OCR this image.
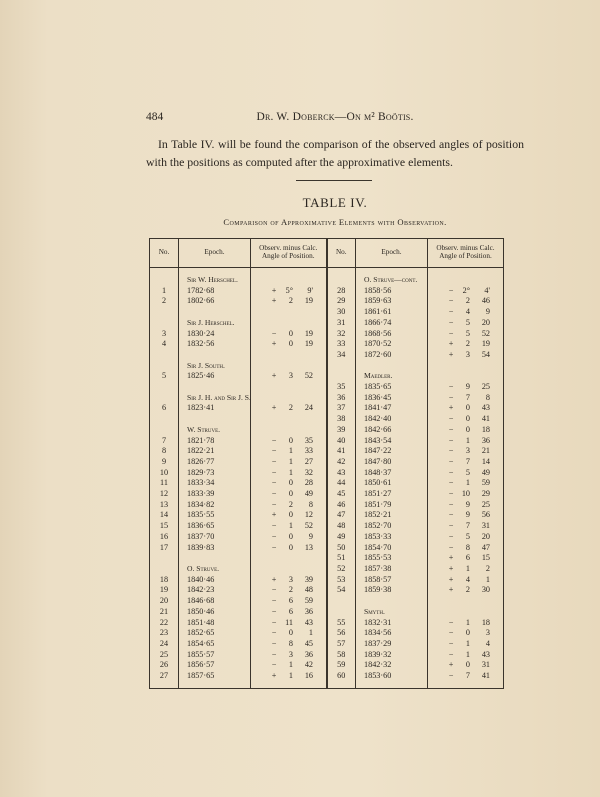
484	Dr. W. Doberck—On μ² Boötis.
In Table IV. will be found the comparison of the observed angles of position with the positions as computed after the approximative elements.
TABLE IV.
Comparison of Approximative Elements with Observation.
No.	Epoch.	Observ. minus Calc. Angle of Position.	No.	Epoch.	Observ. minus Calc. Angle of Position.

	Sir W. Herschel.			O. Struve—cont.	
1	1782·68	+ 5° 9'	28	1858·56	− 2° 4'
2	1802·66	+ 2 19	29	1859·63	− 2 46
			30	1861·61	− 4 9
	Sir J. Herschel.		31	1866·74	− 5 20
3	1830·24	− 0 19	32	1868·56	− 5 52
4	1832·56	+ 0 19	33	1870·52	+ 2 19
			34	1872·60	+ 3 54
	Sir J. South.				
5	1825·46	+ 3 52		Maedler.	
			35	1835·65	− 9 25
	Sir J. H. and Sir J. S.		36	1836·45	− 7 8
6	1823·41	+ 2 24	37	1841·47	+ 0 43
			38	1842·40	− 0 41
	W. Struve.		39	1842·66	− 0 18
7	1821·78	− 0 35	40	1843·54	− 1 36
8	1822·21	− 1 33	41	1847·22	− 3 21
9	1826·77	− 1 27	42	1847·80	− 7 14
10	1829·73	− 1 32	43	1848·37	− 5 49
11	1833·34	− 0 28	44	1850·61	− 1 59
12	1833·39	− 0 49	45	1851·27	− 10 29
13	1834·82	− 2 8	46	1851·79	− 9 25
14	1835·55	+ 0 12	47	1852·21	− 9 56
15	1836·65	− 1 52	48	1852·70	− 7 31
16	1837·70	− 0 9	49	1853·33	− 5 20
17	1839·83	− 0 13	50	1854·70	− 8 47
			51	1855·53	+ 6 15
	O. Struve.		52	1857·38	+ 1 2
18	1840·46	+ 3 39	53	1858·57	+ 4 1
19	1842·23	− 2 48	54	1859·38	+ 2 30
20	1846·68	− 6 59			
21	1850·46	− 6 36		Smyth.	
22	1851·48	− 11 43	55	1832·31	− 1 18
23	1852·65	− 0 1	56	1834·56	− 0 3
24	1854·65	− 8 45	57	1837·29	− 1 4
25	1855·57	− 3 36	58	1839·32	− 1 43
26	1856·57	− 1 42	59	1842·32	+ 0 31
27	1857·65	+ 1 16	60	1853·60	− 7 41
